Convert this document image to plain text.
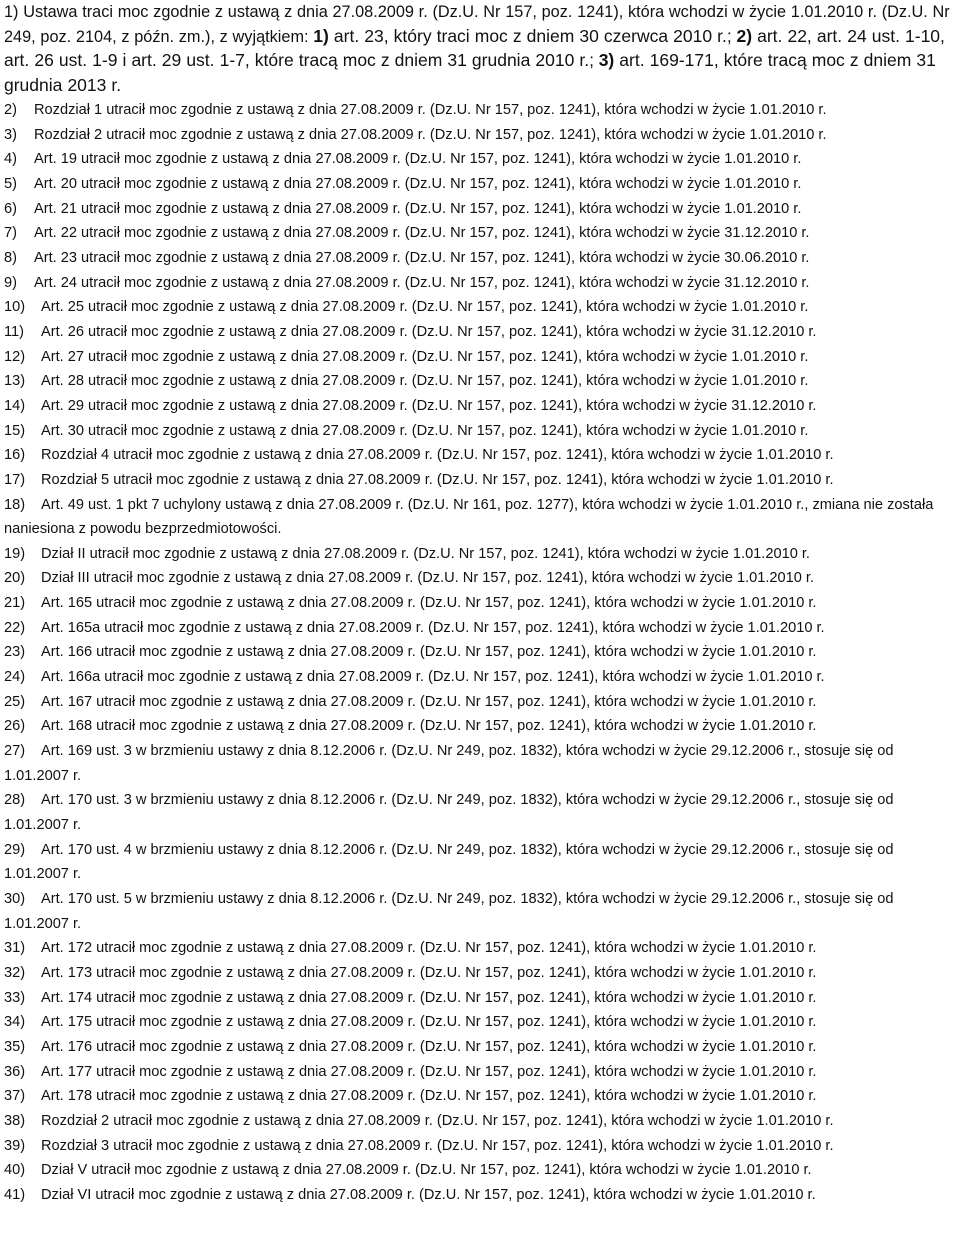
1) Ustawa traci moc zgodnie z ustawą z dnia 27.08.2009 r. (Dz.U. Nr 157, poz. 1241), która wchodzi w życie 1.01.2010 r. (Dz.U. Nr 249, poz. 2104, z późn. zm.), z wyjątkiem: 1) art. 23, który traci moc z dniem 30 czerwca 2010 r.; 2) art. 22, art. 24 ust. 1-10, art. 26 ust. 1-9 i art. 29 ust. 1-7, które tracą moc z dniem 31 grudnia 2010 r.; 3) art. 169-171, które tracą moc z dniem 31 grudnia 2013 r.

2) Rozdział 1 utracił moc zgodnie z ustawą z dnia 27.08.2009 r. (Dz.U. Nr 157, poz. 1241), która wchodzi w życie 1.01.2010 r.
3) Rozdział 2 utracił moc zgodnie z ustawą z dnia 27.08.2009 r. (Dz.U. Nr 157, poz. 1241), która wchodzi w życie 1.01.2010 r.
4) Art. 19 utracił moc zgodnie z ustawą z dnia 27.08.2009 r. (Dz.U. Nr 157, poz. 1241), która wchodzi w życie 1.01.2010 r.
5) Art. 20 utracił moc zgodnie z ustawą z dnia 27.08.2009 r. (Dz.U. Nr 157, poz. 1241), która wchodzi w życie 1.01.2010 r.
6) Art. 21 utracił moc zgodnie z ustawą z dnia 27.08.2009 r. (Dz.U. Nr 157, poz. 1241), która wchodzi w życie 1.01.2010 r.
7) Art. 22 utracił moc zgodnie z ustawą z dnia 27.08.2009 r. (Dz.U. Nr 157, poz. 1241), która wchodzi w życie 31.12.2010 r.
8) Art. 23 utracił moc zgodnie z ustawą z dnia 27.08.2009 r. (Dz.U. Nr 157, poz. 1241), która wchodzi w życie 30.06.2010 r.
9) Art. 24 utracił moc zgodnie z ustawą z dnia 27.08.2009 r. (Dz.U. Nr 157, poz. 1241), która wchodzi w życie 31.12.2010 r.
10) Art. 25 utracił moc zgodnie z ustawą z dnia 27.08.2009 r. (Dz.U. Nr 157, poz. 1241), która wchodzi w życie 1.01.2010 r.
11) Art. 26 utracił moc zgodnie z ustawą z dnia 27.08.2009 r. (Dz.U. Nr 157, poz. 1241), która wchodzi w życie 31.12.2010 r.
12) Art. 27 utracił moc zgodnie z ustawą z dnia 27.08.2009 r. (Dz.U. Nr 157, poz. 1241), która wchodzi w życie 1.01.2010 r.
13) Art. 28 utracił moc zgodnie z ustawą z dnia 27.08.2009 r. (Dz.U. Nr 157, poz. 1241), która wchodzi w życie 1.01.2010 r.
14) Art. 29 utracił moc zgodnie z ustawą z dnia 27.08.2009 r. (Dz.U. Nr 157, poz. 1241), która wchodzi w życie 31.12.2010 r.
15) Art. 30 utracił moc zgodnie z ustawą z dnia 27.08.2009 r. (Dz.U. Nr 157, poz. 1241), która wchodzi w życie 1.01.2010 r.
16) Rozdział 4 utracił moc zgodnie z ustawą z dnia 27.08.2009 r. (Dz.U. Nr 157, poz. 1241), która wchodzi w życie 1.01.2010 r.
17) Rozdział 5 utracił moc zgodnie z ustawą z dnia 27.08.2009 r. (Dz.U. Nr 157, poz. 1241), która wchodzi w życie 1.01.2010 r.
18) Art. 49 ust. 1 pkt 7 uchylony ustawą z dnia 27.08.2009 r. (Dz.U. Nr 161, poz. 1277), która wchodzi w życie 1.01.2010 r., zmiana nie została naniesiona z powodu bezprzedmiotowości.
19) Dział II utracił moc zgodnie z ustawą z dnia 27.08.2009 r. (Dz.U. Nr 157, poz. 1241), która wchodzi w życie 1.01.2010 r.
20) Dział III utracił moc zgodnie z ustawą z dnia 27.08.2009 r. (Dz.U. Nr 157, poz. 1241), która wchodzi w życie 1.01.2010 r.
21) Art. 165 utracił moc zgodnie z ustawą z dnia 27.08.2009 r. (Dz.U. Nr 157, poz. 1241), która wchodzi w życie 1.01.2010 r.
22) Art. 165a utracił moc zgodnie z ustawą z dnia 27.08.2009 r. (Dz.U. Nr 157, poz. 1241), która wchodzi w życie 1.01.2010 r.
23) Art. 166 utracił moc zgodnie z ustawą z dnia 27.08.2009 r. (Dz.U. Nr 157, poz. 1241), która wchodzi w życie 1.01.2010 r.
24) Art. 166a utracił moc zgodnie z ustawą z dnia 27.08.2009 r. (Dz.U. Nr 157, poz. 1241), która wchodzi w życie 1.01.2010 r.
25) Art. 167 utracił moc zgodnie z ustawą z dnia 27.08.2009 r. (Dz.U. Nr 157, poz. 1241), która wchodzi w życie 1.01.2010 r.
26) Art. 168 utracił moc zgodnie z ustawą z dnia 27.08.2009 r. (Dz.U. Nr 157, poz. 1241), która wchodzi w życie 1.01.2010 r.
27) Art. 169 ust. 3 w brzmieniu ustawy z dnia 8.12.2006 r. (Dz.U. Nr 249, poz. 1832), która wchodzi w życie 29.12.2006 r., stosuje się od 1.01.2007 r.
28) Art. 170 ust. 3 w brzmieniu ustawy z dnia 8.12.2006 r. (Dz.U. Nr 249, poz. 1832), która wchodzi w życie 29.12.2006 r., stosuje się od 1.01.2007 r.
29) Art. 170 ust. 4 w brzmieniu ustawy z dnia 8.12.2006 r. (Dz.U. Nr 249, poz. 1832), która wchodzi w życie 29.12.2006 r., stosuje się od 1.01.2007 r.
30) Art. 170 ust. 5 w brzmieniu ustawy z dnia 8.12.2006 r. (Dz.U. Nr 249, poz. 1832), która wchodzi w życie 29.12.2006 r., stosuje się od 1.01.2007 r.
31) Art. 172 utracił moc zgodnie z ustawą z dnia 27.08.2009 r. (Dz.U. Nr 157, poz. 1241), która wchodzi w życie 1.01.2010 r.
32) Art. 173 utracił moc zgodnie z ustawą z dnia 27.08.2009 r. (Dz.U. Nr 157, poz. 1241), która wchodzi w życie 1.01.2010 r.
33) Art. 174 utracił moc zgodnie z ustawą z dnia 27.08.2009 r. (Dz.U. Nr 157, poz. 1241), która wchodzi w życie 1.01.2010 r.
34) Art. 175 utracił moc zgodnie z ustawą z dnia 27.08.2009 r. (Dz.U. Nr 157, poz. 1241), która wchodzi w życie 1.01.2010 r.
35) Art. 176 utracił moc zgodnie z ustawą z dnia 27.08.2009 r. (Dz.U. Nr 157, poz. 1241), która wchodzi w życie 1.01.2010 r.
36) Art. 177 utracił moc zgodnie z ustawą z dnia 27.08.2009 r. (Dz.U. Nr 157, poz. 1241), która wchodzi w życie 1.01.2010 r.
37) Art. 178 utracił moc zgodnie z ustawą z dnia 27.08.2009 r. (Dz.U. Nr 157, poz. 1241), która wchodzi w życie 1.01.2010 r.
38) Rozdział 2 utracił moc zgodnie z ustawą z dnia 27.08.2009 r. (Dz.U. Nr 157, poz. 1241), która wchodzi w życie 1.01.2010 r.
39) Rozdział 3 utracił moc zgodnie z ustawą z dnia 27.08.2009 r. (Dz.U. Nr 157, poz. 1241), która wchodzi w życie 1.01.2010 r.
40) Dział V utracił moc zgodnie z ustawą z dnia 27.08.2009 r. (Dz.U. Nr 157, poz. 1241), która wchodzi w życie 1.01.2010 r.
41) Dział VI utracił moc zgodnie z ustawą z dnia 27.08.2009 r. (Dz.U. Nr 157, poz. 1241), która wchodzi w życie 1.01.2010 r.
